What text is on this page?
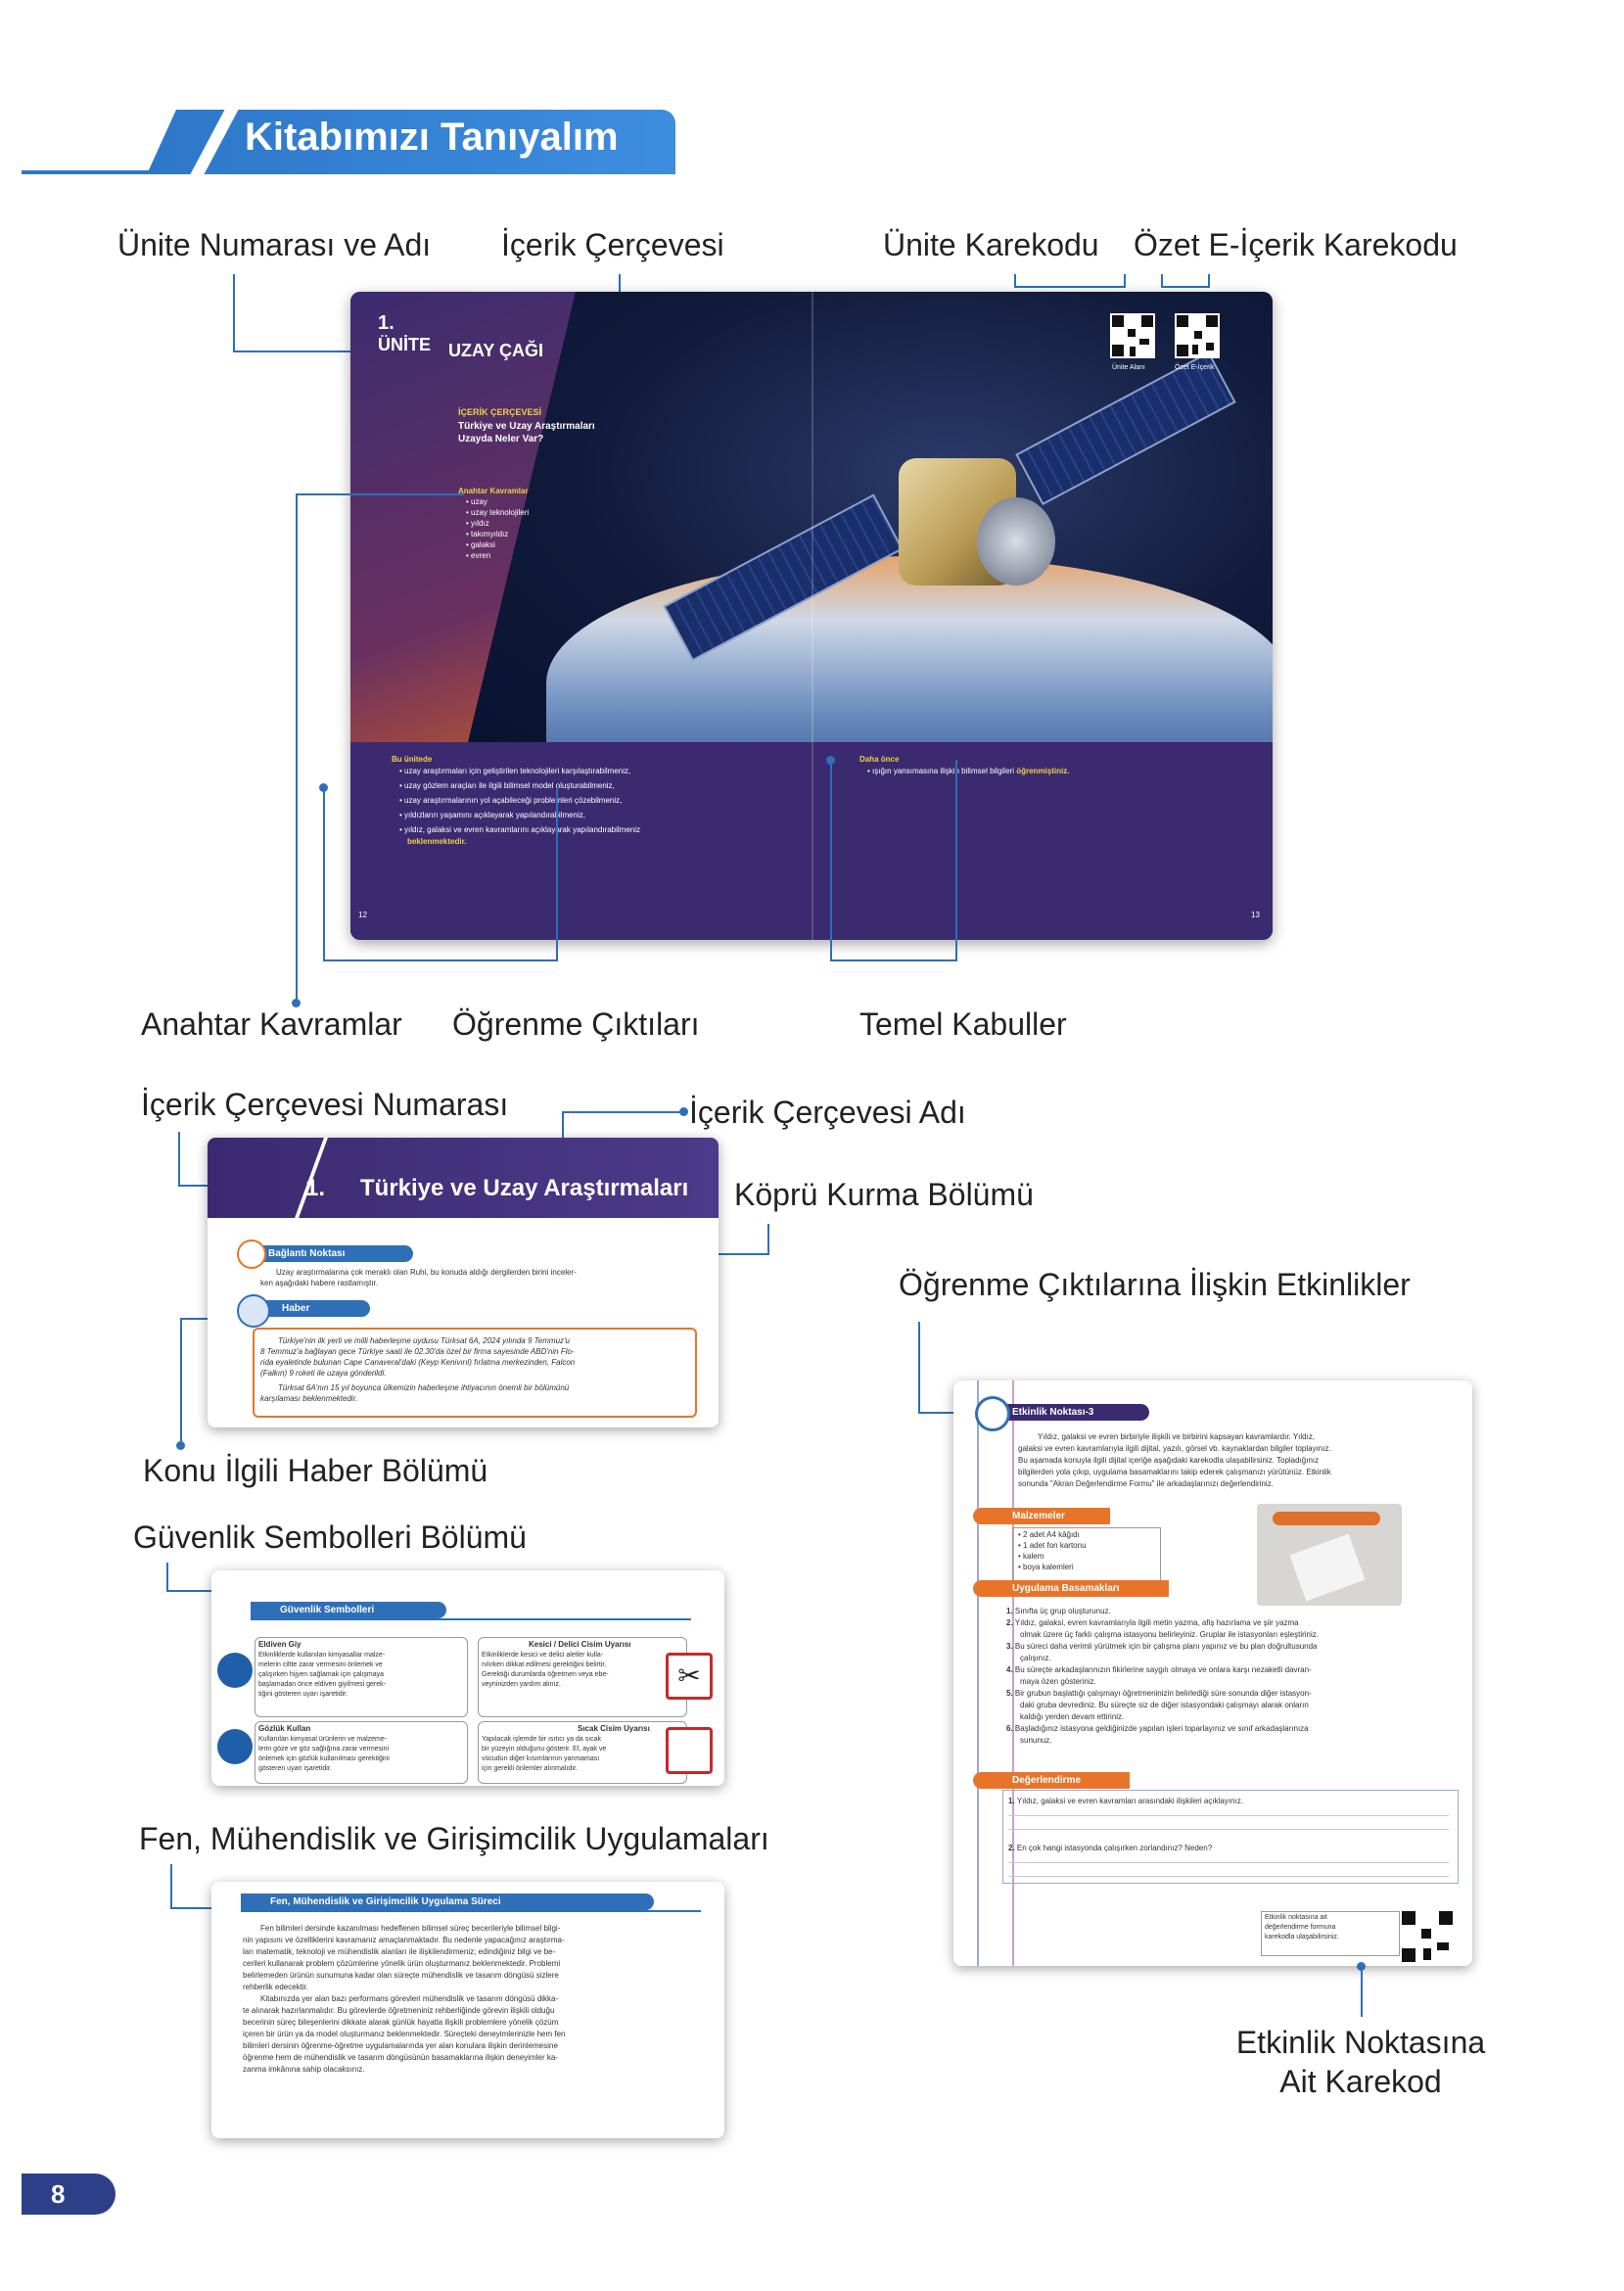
Kitabımızı Tanıyalım
Ünite Numarası ve Adı İçerik Çerçevesi	Ünite Karekodu Özet E-İçerik Karekodu
1.
ÜNİTE UZAY ÇAĞI
İÇERİK ÇERÇEVESİ
Türkiye ve Uzay Araştırmaları
Uzayda Neler Var?
Anahtar Kavramlar
• uzay
• uzay teknolojileri
• yıldız
• takımyıldız
• galaksi
• evren
Bu ünitede
• uzay araştırmaları için geliştirilen teknolojileri karşılaştırabilmeniz,
• uzay gözlem araçları ile ilgili bilimsel model oluşturabilmeniz,
• uzay araştırmalarının yol açabileceği problemleri çözebilmeniz,
• yıldızların yaşamını açıklayarak yapılandırabilmeniz,
• yıldız, galaksi ve evren kavramlarını açıklayarak yapılandırabilmeniz
beklenmektedir.
Daha önce
• ışığın yansımasına ilişkin bilimsel bilgileri öğrenmiştiniz.
Ünite Alanı	Özet E-İçerik
12	13
Anahtar Kavramlar Öğrenme Çıktıları	Temel Kabuller
İçerik Çerçevesi Numarası	İçerik Çerçevesi Adı
Köprü Kurma Bölümü
1. Türkiye ve Uzay Araştırmaları
Bağlantı Noktası
Uzay araştırmalarına çok meraklı olan Ruhi, bu konuda aldığı dergilerden birini inceler-
ken aşağıdaki habere rastlamıştır.
Haber
Türkiye'nin ilk yerli ve milli haberleşme uydusu Türksat 6A, 2024 yılında 9 Temmuz'u
8 Temmuz'a bağlayan gece Türkiye saati ile 02.30'da özel bir firma sayesinde ABD'nin Flo-
rida eyaletinde bulunan Cape Canaveral'daki (Keyp Kenivırıl) fırlatma merkezinden, Falcon
(Falkın) 9 roketi ile uzaya gönderildi.
Türksat 6A'nın 15 yıl boyunca ülkemizin haberleşme ihtiyacının önemli bir bölümünü
karşılaması beklenmektedir.
Konu İlgili Haber Bölümü
Güvenlik Sembolleri Bölümü
Güvenlik Sembolleri
Eldiven Giy
Etkinliklerde kullanılan kimyasallar malze-
melerin ciltte zarar vermesini önlemek ve
çalışırken hijyen sağlamak için çalışmaya
başlamadan önce eldiven giyilmesi gerek-
tiğini gösteren uyarı işaretidir.
✂
Kesici / Delici Cisim Uyarısı
Etkinliklerde kesici ve delici aletler kulla-
nılırken dikkat edilmesi gerektiğini belirtir.
Gerektiği durumlarda öğretmen veya ebe-
veyninizden yardım alınız.
Gözlük Kullan
Kullanılan kimyasal ürünlerin ve malzeme-
lerin göze ve göz sağlığına zarar vermesini
önlemek için gözlük kullanılması gerektiğini
gösteren uyarı işaretidir.
Sıcak Cisim Uyarısı
Yapılacak işlemde bir ısıtıcı ya da sıcak
bir yüzeyin olduğunu gösterir. El, ayak ve
vücudun diğer kısımlarının yanmaması
için gerekli önlemler alınmalıdır.
Fen, Mühendislik ve Girişimcilik Uygulamaları
Fen, Mühendislik ve Girişimcilik Uygulama Süreci
Fen bilimleri dersinde kazanılması hedeflenen bilimsel süreç becerileriyle bilimsel bilgi-
nin yapısını ve özelliklerini kavramanız amaçlanmaktadır. Bu nedenle yapacağınız araştırma-
ları matematik, teknoloji ve mühendislik alanları ile ilişkilendirmeniz; edindiğiniz bilgi ve be-
cerileri kullanarak problem çözümlerine yönelik ürün oluşturmanız beklenmektedir. Problemi
belirlemeden ürünün sunumuna kadar olan süreçte mühendislik ve tasarım döngüsü sizlere
rehberlik edecektir.
Kitabınızda yer alan bazı performans görevleri mühendislik ve tasarım döngüsü dikka-
te alınarak hazırlanmalıdır. Bu görevlerde öğretmeniniz rehberliğinde görevin ilişkili olduğu
becerinin süreç bileşenlerini dikkate alarak günlük hayatla ilişkili problemlere yönelik çözüm
içeren bir ürün ya da model oluşturmanız beklenmektedir. Süreçteki deneyimlerinizle hem fen
bilimleri dersinin öğrenme-öğretme uygulamalarında yer alan konulara ilişkin derinlemesine
öğrenme hem de mühendislik ve tasarım döngüsünün basamaklarına ilişkin deneyimler ka-
zanma imkânına sahip olacaksınız.
Öğrenme Çıktılarına İlişkin Etkinlikler
Etkinlik Noktası-3
Yıldız, galaksi ve evren birbiriyle ilişkili ve birbirini kapsayan kavramlardır. Yıldız,
galaksi ve evren kavramlarıyla ilgili dijital, yazılı, görsel vb. kaynaklardan bilgiler toplayınız.
Bu aşamada konuyla ilgili dijital içeriğe aşağıdaki karekodla ulaşabilirsiniz. Topladığınız
bilgilerden yola çıkıp, uygulama basamaklarını takip ederek çalışmanızı yürütünüz. Etkinlik
sonunda "Akran Değerlendirme Formu" ile arkadaşlarınızı değerlendiriniz.
Malzemeler
• 2 adet A4 kâğıdı
• 1 adet fon kartonu
• kalem
• boya kalemleri
Uygulama Basamakları
1. Sınıfta üç grup oluşturunuz.
2. Yıldız, galaksi, evren kavramlarıyla ilgili metin yazma, afiş hazırlama ve şiir yazma
olmak üzere üç farklı çalışma istasyonu belirleyiniz. Gruplar ile istasyonları eşleştiriniz.
3. Bu süreci daha verimli yürütmek için bir çalışma planı yapınız ve bu plan doğrultusunda
çalışınız.
4. Bu süreçte arkadaşlarınızın fikirlerine saygılı olmaya ve onlara karşı nezaketli davran-
maya özen gösteriniz.
5. Bir grubun başlattığı çalışmayı öğretmeninizin belirlediği süre sonunda diğer istasyon-
daki gruba devrediniz. Bu süreçte siz de diğer istasyondaki çalışmayı alarak onların
kaldığı yerden devam ettiriniz.
6. Başladığınız istasyona geldiğinizde yapılan işleri toparlayınız ve sınıf arkadaşlarınıza
sununuz.
Değerlendirme
1. Yıldız, galaksi ve evren kavramları arasındaki ilişkileri açıklayınız.
2. En çok hangi istasyonda çalışırken zorlandınız? Neden?
Etkinlik noktasına ait
değerlendirme formuna
karekodla ulaşabilirsiniz.
Etkinlik Noktasına
Ait Karekod
8
